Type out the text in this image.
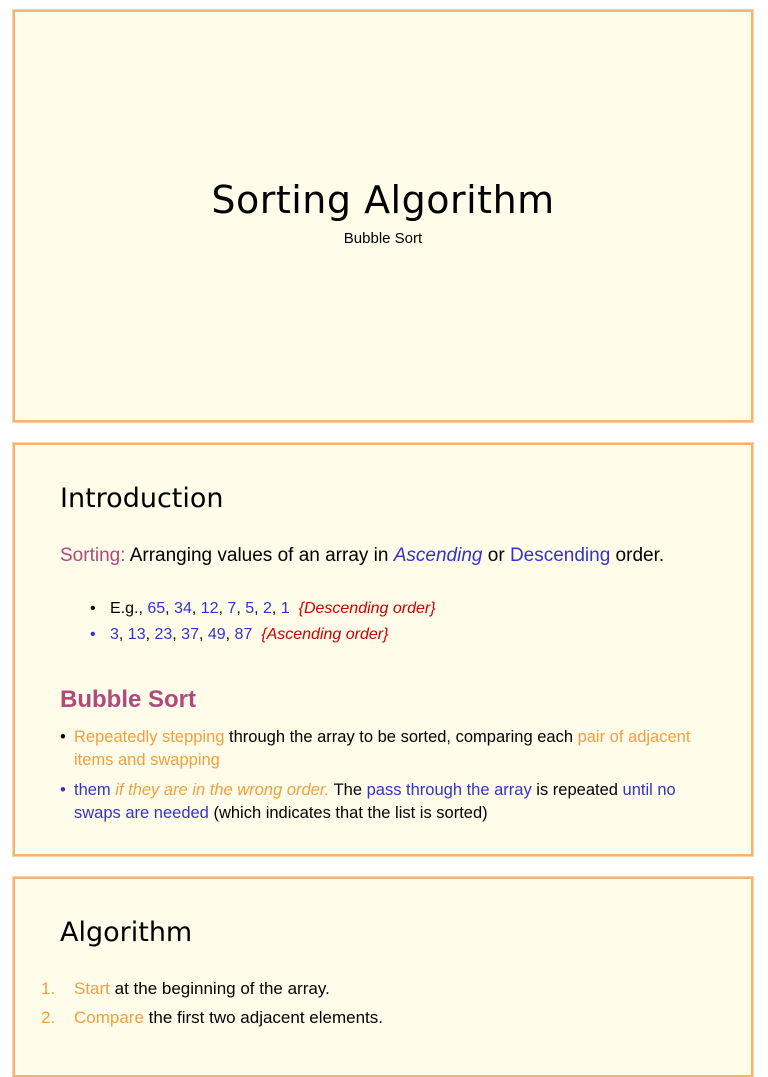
Sorting Algorithm
Bubble Sort
Introduction
Sorting: Arranging values of an array in Ascending or Descending order.
• E.g., 65, 34, 12, 7, 5, 2, 1 {Descending order}
• 3, 13, 23, 37, 49, 87 {Ascending order}
Bubble Sort
• Repeatedly stepping through the array to be sorted, comparing each pair of adjacent items and swapping
• them if they are in the wrong order. The pass through the array is repeated until no swaps are needed (which indicates that the list is sorted)
Algorithm
1. Start at the beginning of the array.
2. Compare the first two adjacent elements.
